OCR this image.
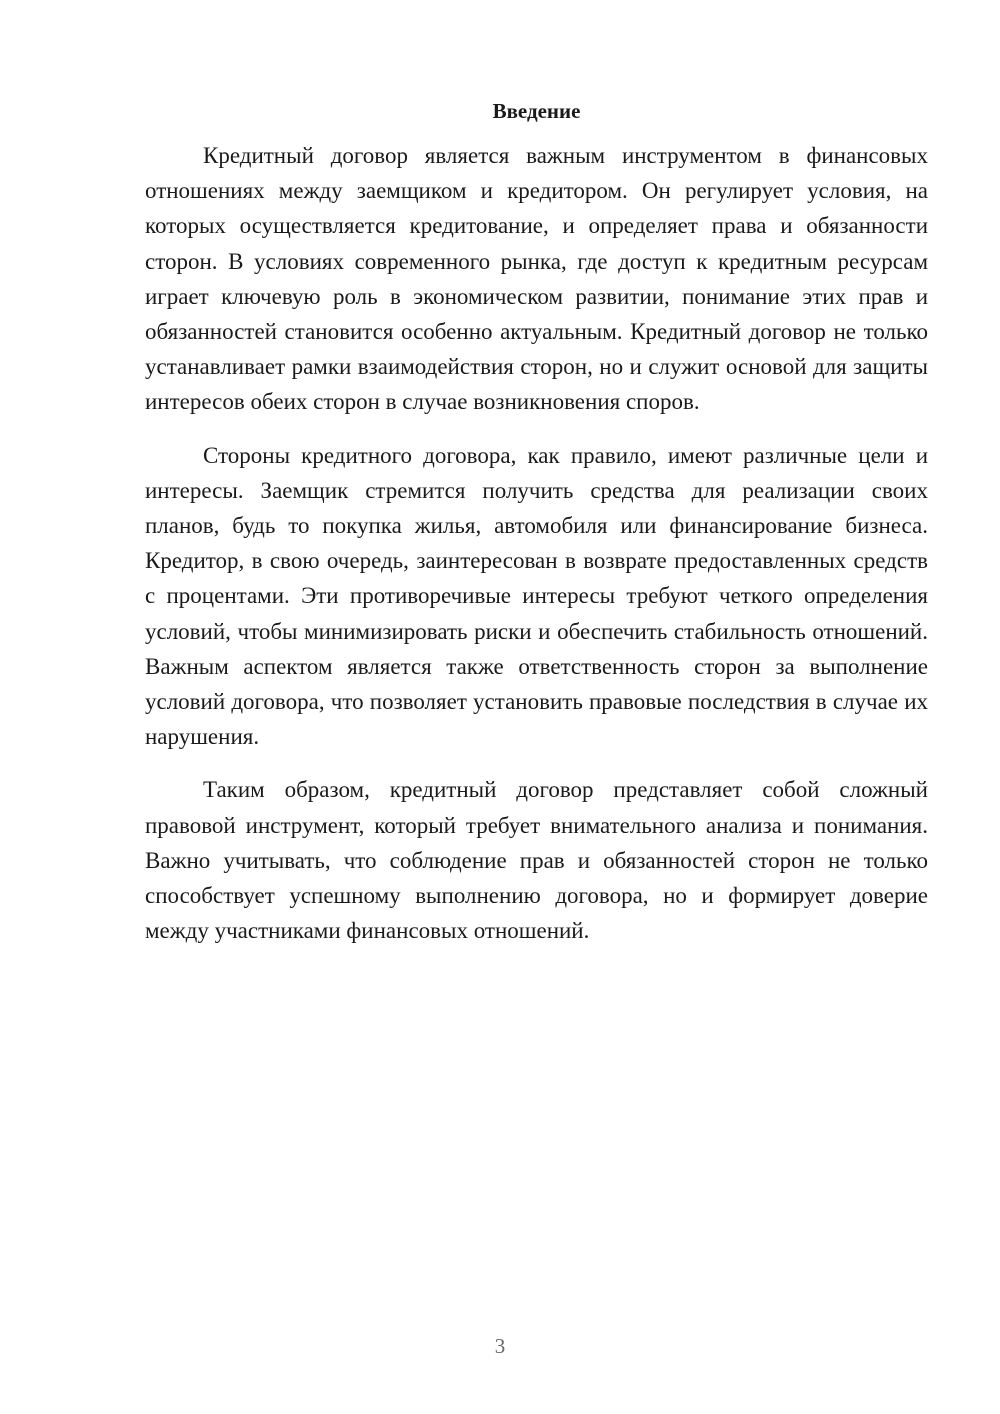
Введение

Кредитный договор является важным инструментом в финансовых отношениях между заемщиком и кредитором. Он регулирует условия, на которых осуществляется кредитование, и определяет права и обязанности сторон. В условиях современного рынка, где доступ к кредитным ресурсам играет ключевую роль в экономическом развитии, понимание этих прав и обязанностей становится особенно актуальным. Кредитный договор не только устанавливает рамки взаимодействия сторон, но и служит основой для защиты интересов обеих сторон в случае возникновения споров.

Стороны кредитного договора, как правило, имеют различные цели и интересы. Заемщик стремится получить средства для реализации своих планов, будь то покупка жилья, автомобиля или финансирование бизнеса. Кредитор, в свою очередь, заинтересован в возврате предоставленных средств с процентами. Эти противоречивые интересы требуют четкого определения условий, чтобы минимизировать риски и обеспечить стабильность отношений. Важным аспектом является также ответственность сторон за выполнение условий договора, что позволяет установить правовые последствия в случае их нарушения.

Таким образом, кредитный договор представляет собой сложный правовой инструмент, который требует внимательного анализа и понимания. Важно учитывать, что соблюдение прав и обязанностей сторон не только способствует успешному выполнению договора, но и формирует доверие между участниками финансовых отношений.

3
